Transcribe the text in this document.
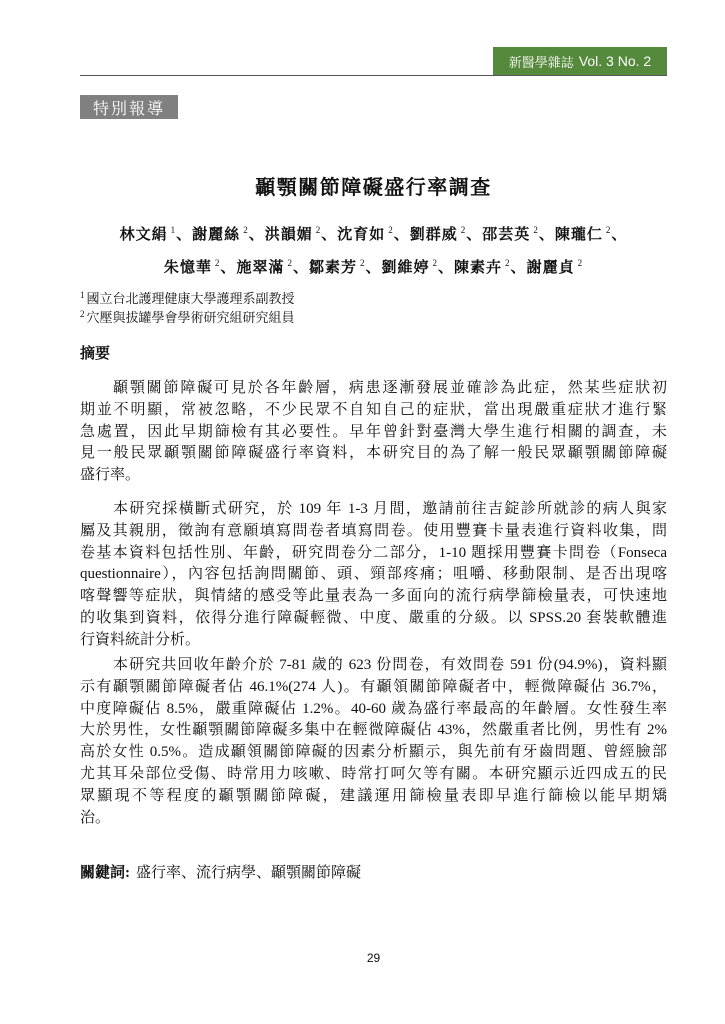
新醫學雜誌 Vol. 3 No. 2
特別報導
顳顎關節障礙盛行率調查
林文絹 $^1$、謝麗絲 $^2$、洪韻媚 $^2$、沈育如 $^2$、劉群威 $^2$、邵芸英 $^2$、陳瓏仁 $^2$、
朱憶華 $^2$、施翠滿 $^2$、鄒素芳 $^2$、劉維婷 $^2$、陳素卉 $^2$、謝麗貞 $^2$
$^1$ 國立台北護理健康大學護理系副教授
$^2$ 穴壓與拔罐學會學術研究組研究組員
摘要
顳顎關節障礙可見於各年齡層，病患逐漸發展並確診為此症，然某些症狀初
期並不明顯，常被忽略，不少民眾不自知自己的症狀，當出現嚴重症狀才進行緊
急處置，因此早期篩檢有其必要性。早年曾針對臺灣大學生進行相關的調查，未
見一般民眾顳顎關節障礙盛行率資料，本研究目的為了解一般民眾顳顎關節障礙
盛行率。
本研究採橫斷式研究，於 109 年 1-3 月間，邀請前往吉錠診所就診的病人與家
屬及其親朋，徵詢有意願填寫問卷者填寫問卷。使用豐賽卡量表進行資料收集，問
卷基本資料包括性別、年齡，研究問卷分二部分，1-10 題採用豐賽卡問卷（Fonseca
questionnaire），內容包括詢問關節、頭、頸部疼痛；咀嚼、移動限制、是否出現喀
喀聲響等症狀，與情緒的感受等此量表為一多面向的流行病學篩檢量表，可快速地
的收集到資料，依得分進行障礙輕微、中度、嚴重的分級。以 SPSS.20 套裝軟體進
行資料統計分析。
本研究共回收年齡介於 7-81 歲的 623 份問卷，有效問卷 591 份(94.9%)，資料顯
示有顳顎關節障礙者佔 46.1%(274 人)。有顳領關節障礙者中，輕微障礙佔 36.7%，
中度障礙佔 8.5%，嚴重障礙佔 1.2%。40-60 歲為盛行率最高的年齡層。女性發生率
大於男性，女性顳顎關節障礙多集中在輕微障礙佔 43%，然嚴重者比例，男性有 2%
高於女性 0.5%。造成顳領關節障礙的因素分析顯示，與先前有牙齒問題、曾經臉部
尤其耳朵部位受傷、時常用力咳嗽、時常打呵欠等有關。本研究顯示近四成五的民
眾顯現不等程度的顳顎關節障礙，建議運用篩檢量表即早進行篩檢以能早期矯
治。
關鍵詞: 盛行率、流行病學、顳顎關節障礙
29
